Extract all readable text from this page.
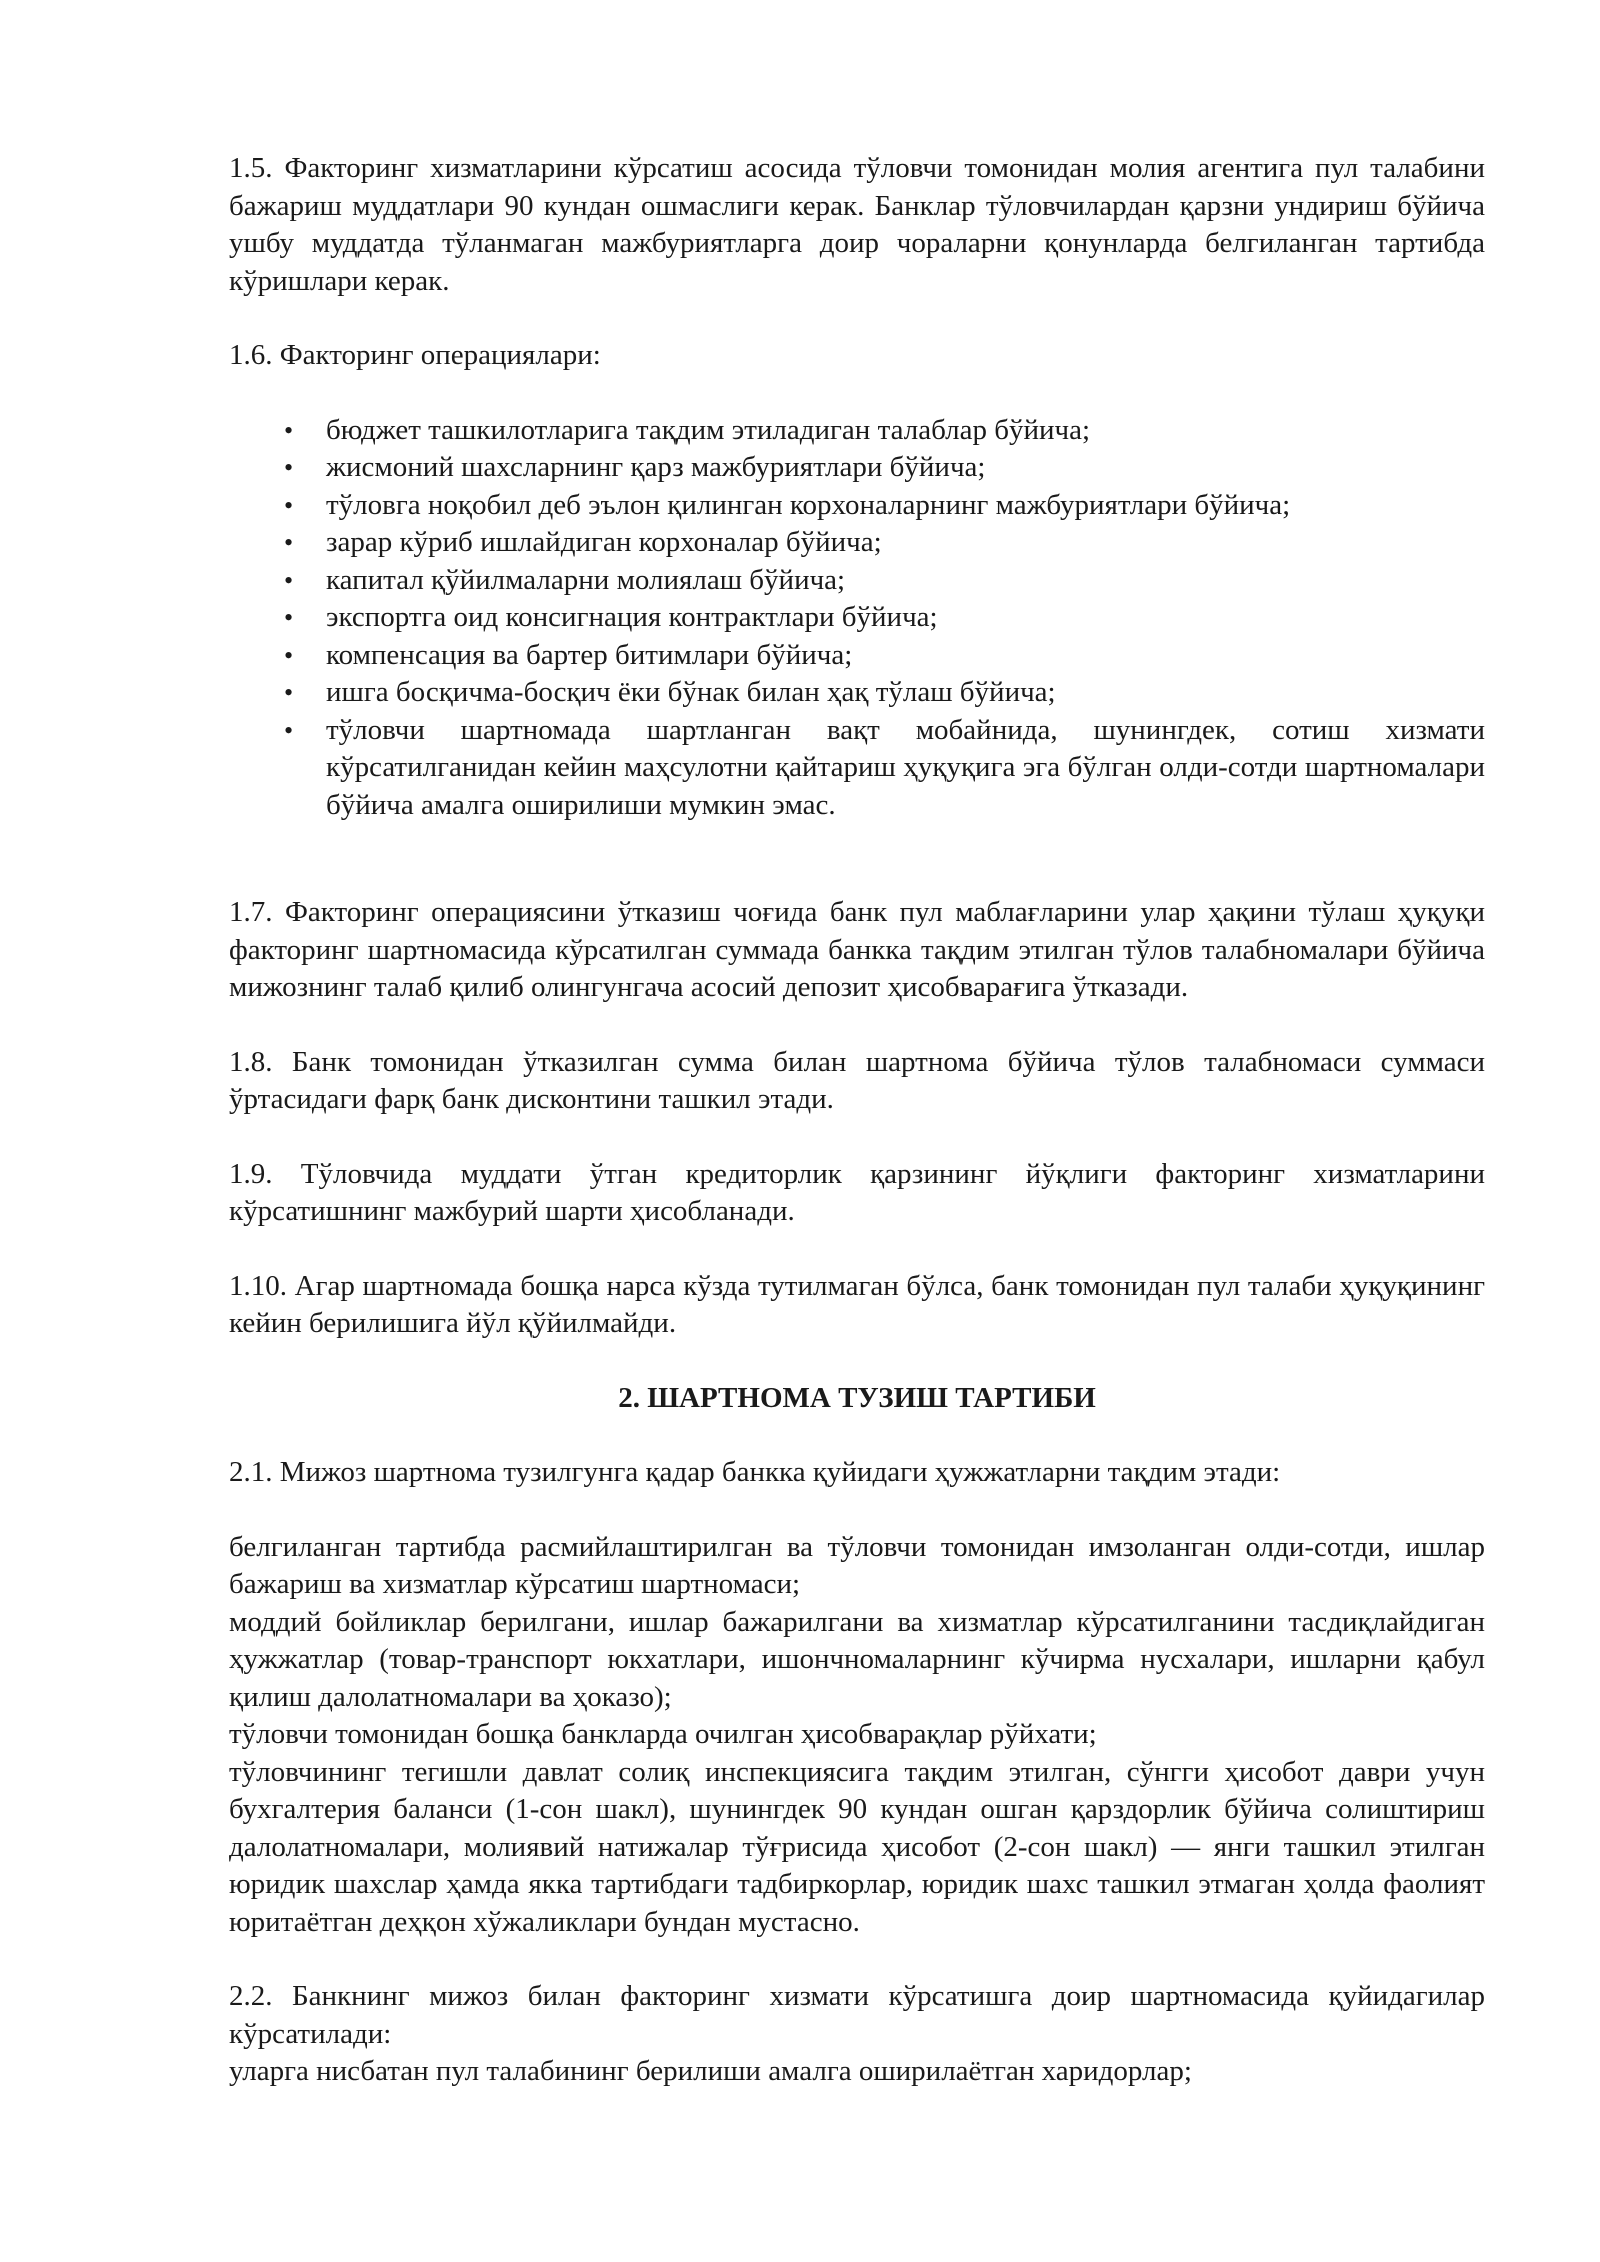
1.5. Факторинг хизматларини кўрсатиш асосида тўловчи томонидан молия агентига пул талабини бажариш муддатлари 90 кундан ошмаслиги керак. Банклар тўловчилардан қарзни ундириш бўйича ушбу муддатда тўланмаган мажбуриятларга доир чораларни қонунларда белгиланган тартибда кўришлари керак.

1.6. Факторинг операциялари:

• бюджет ташкилотларига тақдим этиладиган талаблар бўйича;
• жисмоний шахсларнинг қарз мажбуриятлари бўйича;
• тўловга ноқобил деб эълон қилинган корхоналарнинг мажбуриятлари бўйича;
• зарар кўриб ишлайдиган корхоналар бўйича;
• капитал қўйилмаларни молиялаш бўйича;
• экспортга оид консигнация контрактлари бўйича;
• компенсация ва бартер битимлари бўйича;
• ишга босқичма-босқич ёки бўнак билан ҳақ тўлаш бўйича;
• тўловчи шартномада шартланган вақт мобайнида, шунингдек, сотиш хизмати кўрсатилганидан кейин маҳсулотни қайтариш ҳуқуқига эга бўлган олди-сотди шартномалари бўйича амалга оширилиши мумкин эмас.

1.7. Факторинг операциясини ўтказиш чоғида банк пул маблағларини улар ҳақини тўлаш ҳуқуқи факторинг шартномасида кўрсатилган суммада банкка тақдим этилган тўлов талабномалари бўйича мижознинг талаб қилиб олингунгача асосий депозит ҳисобварағига ўтказади.

1.8. Банк томонидан ўтказилган сумма билан шартнома бўйича тўлов талабномаси суммаси ўртасидаги фарқ банк дисконтини ташкил этади.

1.9. Тўловчида муддати ўтган кредиторлик қарзининг йўқлиги факторинг хизматларини кўрсатишнинг мажбурий шарти ҳисобланади.

1.10. Агар шартномада бошқа нарса кўзда тутилмаган бўлса, банк томонидан пул талаби ҳуқуқининг кейин берилишига йўл қўйилмайди.

2. ШАРТНОМА ТУЗИШ ТАРТИБИ

2.1. Мижоз шартнома тузилгунга қадар банкка қуйидаги ҳужжатларни тақдим этади:

белгиланган тартибда расмийлаштирилган ва тўловчи томонидан имзоланган олди-сотди, ишлар бажариш ва хизматлар кўрсатиш шартномаси;

моддий бойликлар берилгани, ишлар бажарилгани ва хизматлар кўрсатилганини тасдиқлайдиган ҳужжатлар (товар-транспорт юкхатлари, ишончномаларнинг кўчирма нусхалари, ишларни қабул қилиш далолатномалари ва ҳоказо);

тўловчи томонидан бошқа банкларда очилган ҳисобварақлар рўйхати;

тўловчининг тегишли давлат солиқ инспекциясига тақдим этилган, сўнгги ҳисобот даври учун бухгалтерия баланси (1-сон шакл), шунингдек 90 кундан ошган қарздорлик бўйича солиштириш далолатномалари, молиявий натижалар тўғрисида ҳисобот (2-сон шакл) — янги ташкил этилган юридик шахслар ҳамда якка тартибдаги тадбиркорлар, юридик шахс ташкил этмаган ҳолда фаолият юритаётган деҳқон хўжаликлари бундан мустасно.

2.2. Банкнинг мижоз билан факторинг хизмати кўрсатишга доир шартномасида қуйидагилар кўрсатилади:

уларга нисбатан пул талабининг берилиши амалга оширилаётган харидорлар;
